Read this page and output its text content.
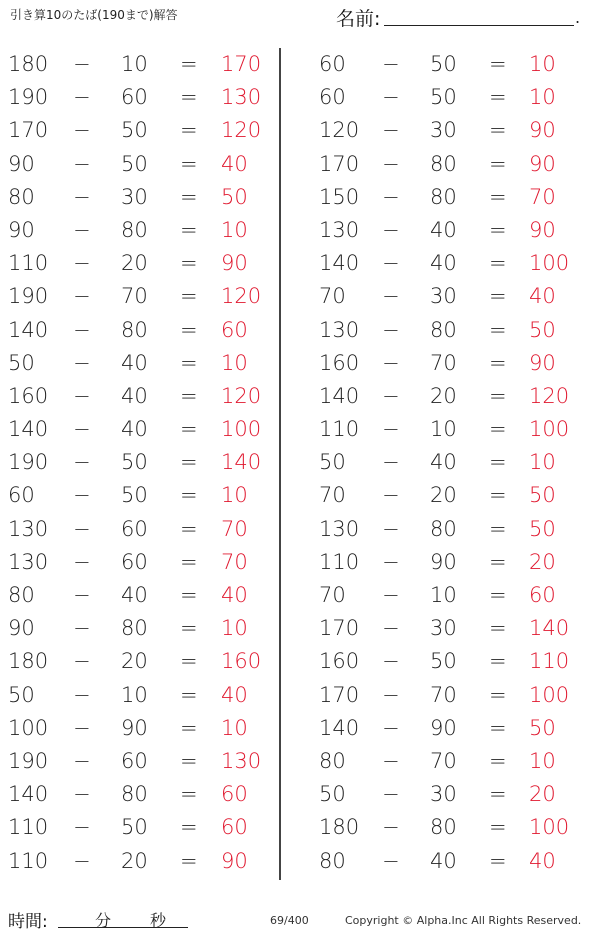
引き算10のたば(190まで)解答	名前:	.
180 − 10 = 170
190 − 60 = 130
170 − 50 = 120
90 − 50 = 40
80 − 30 = 50
90 − 80 = 10
110 − 20 = 90
190 − 70 = 120
140 − 80 = 60
50 − 40 = 10
160 − 40 = 120
140 − 40 = 100
190 − 50 = 140
60 − 50 = 10
130 − 60 = 70
130 − 60 = 70
80 − 40 = 40
90 − 80 = 10
180 − 20 = 160
50 − 10 = 40
100 − 90 = 10
190 − 60 = 130
140 − 80 = 60
110 − 50 = 60
110 − 20 = 90
60 − 50 = 10
60 − 50 = 10
120 − 30 = 90
170 − 80 = 90
150 − 80 = 70
130 − 40 = 90
140 − 40 = 100
70 − 30 = 40
130 − 80 = 50
160 − 70 = 90
140 − 20 = 120
110 − 10 = 100
50 − 40 = 10
70 − 20 = 50
130 − 80 = 50
110 − 90 = 20
70 − 10 = 60
170 − 30 = 140
160 − 50 = 110
170 − 70 = 100
140 − 90 = 50
80 − 70 = 10
50 − 30 = 20
180 − 80 = 100
80 − 40 = 40
時間:	分 秒	69/400	Copyright © Alpha.Inc All Rights Reserved.
